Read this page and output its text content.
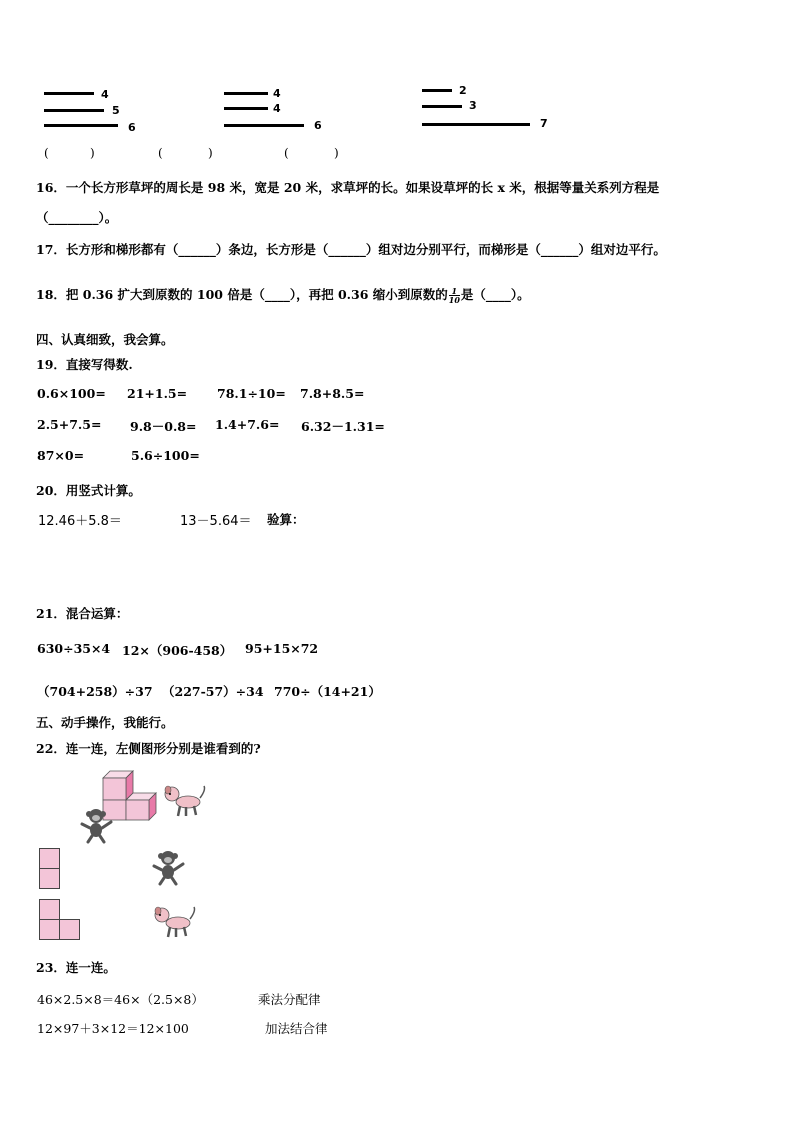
4
5
6
4
4
6
2
3
7
(	)	(	)	(	)
16．一个长方形草坪的周长是 98 米，宽是 20 米，求草坪的长。如果设草坪的长 x 米，根据等量关系列方程是
（________）。
17．长方形和梯形都有（______）条边，长方形是（______）组对边分别平行，而梯形是（______）组对边平行。
18．把 0.36 扩大到原数的 100 倍是（____），再把 0.36 缩小到原数的 $\frac{1}{10}$ 是（____）。
四、认真细致，我会算。
19．直接写得数.
0.6×100= 21+1.5= 78.1÷10= 7.8+8.5=
2.5+7.5= 9.8－0.8= 1.4+7.6= 6.32－1.31=
87×0=	5.6÷100=
20．用竖式计算。
12.46＋5.8＝	13－5.64＝ 验算：
21．混合运算：
630÷35×4 12×（906-458） 95+15×72
（704+258）÷37 （227-57）÷34 770÷（14+21）
五、动手操作，我能行。
22．连一连，左侧图形分别是谁看到的?
23．连一连。
46×2.5×8＝46×（2.5×8）	乘法分配律
12×97＋3×12＝12×100	加法结合律
